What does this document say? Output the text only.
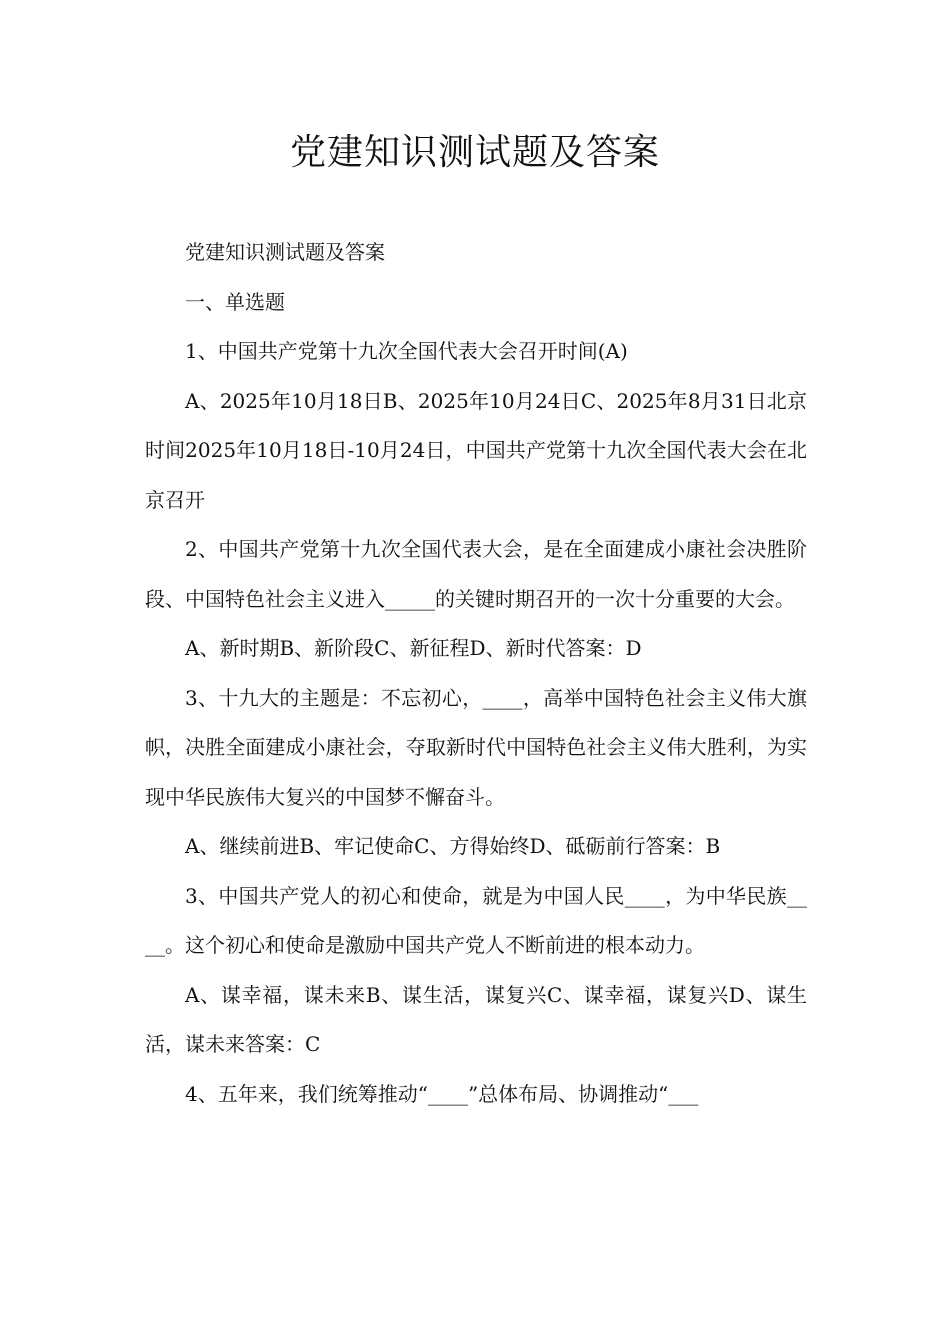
党建知识测试题及答案

党建知识测试题及答案

一、单选题

1、中国共产党第十九次全国代表大会召开时间(A)

A、2025年10月18日B、2025年10月24日C、2025年8月31日北京时间2025年10月18日-10月24日，中国共产党第十九次全国代表大会在北京召开

2、中国共产党第十九次全国代表大会，是在全面建成小康社会决胜阶段、中国特色社会主义进入_____的关键时期召开的一次十分重要的大会。

A、新时期B、新阶段C、新征程D、新时代答案：D

3、十九大的主题是：不忘初心，____，高举中国特色社会主义伟大旗帜，决胜全面建成小康社会，夺取新时代中国特色社会主义伟大胜利，为实现中华民族伟大复兴的中国梦不懈奋斗。

A、继续前进B、牢记使命C、方得始终D、砥砺前行答案：B

3、中国共产党人的初心和使命，就是为中国人民____，为中华民族____。这个初心和使命是激励中国共产党人不断前进的根本动力。

A、谋幸福，谋未来B、谋生活，谋复兴C、谋幸福，谋复兴D、谋生活，谋未来答案：C

4、五年来，我们统筹推动“____”总体布局、协调推动“___
